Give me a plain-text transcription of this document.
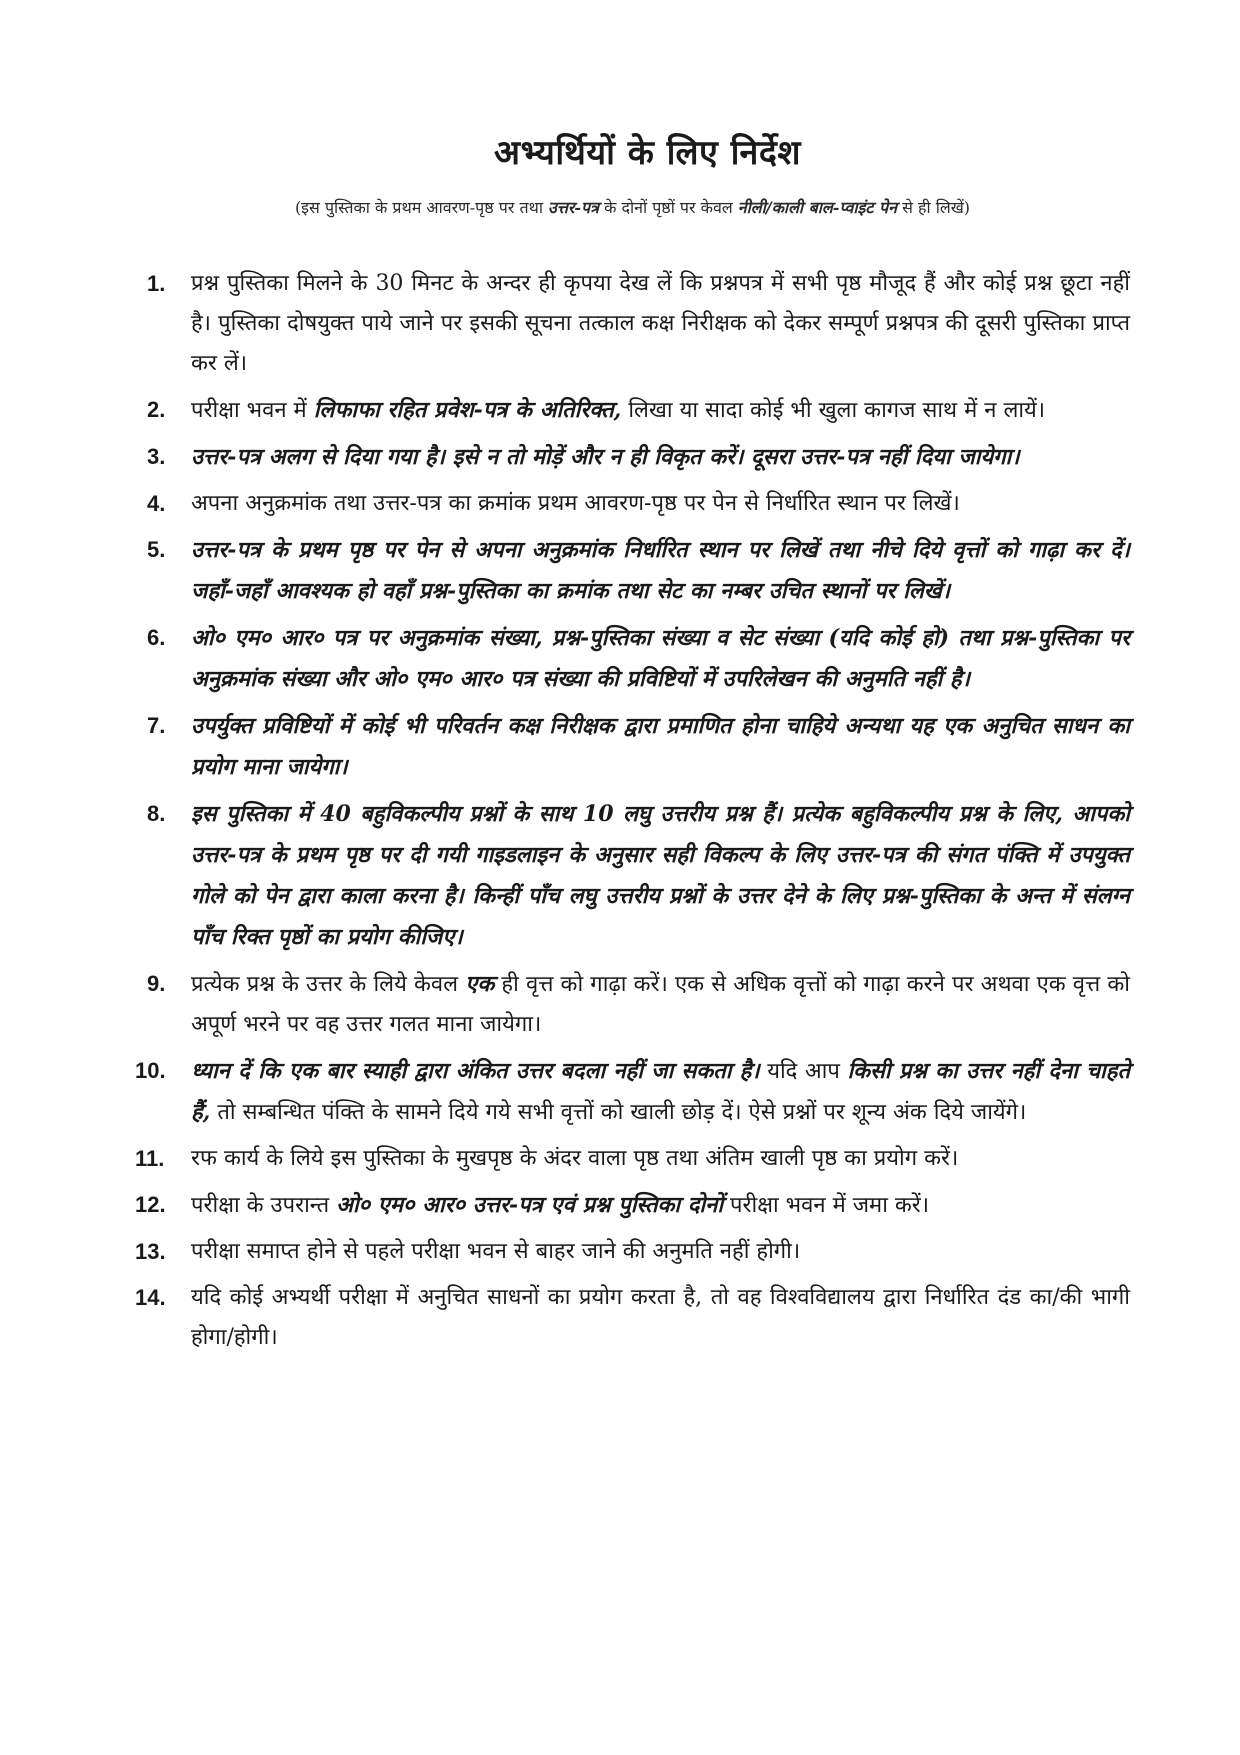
अभ्यर्थियों के लिए निर्देश

(इस पुस्तिका के प्रथम आवरण-पृष्ठ पर तथा उत्तर-पत्र के दोनों पृष्ठों पर केवल नीली/काली बाल-प्वाइंट पेन से ही लिखें)

1.	प्रश्न पुस्तिका मिलने के 30 मिनट के अन्दर ही कृपया देख लें कि प्रश्नपत्र में सभी पृष्ठ मौजूद हैं और कोई प्रश्न छूटा नहीं है। पुस्तिका दोषयुक्त पाये जाने पर इसकी सूचना तत्काल कक्ष निरीक्षक को देकर सम्पूर्ण प्रश्नपत्र की दूसरी पुस्तिका प्राप्त कर लें।
2.	परीक्षा भवन में लिफाफा रहित प्रवेश-पत्र के अतिरिक्त, लिखा या सादा कोई भी खुला कागज साथ में न लायें।
3.	उत्तर-पत्र अलग से दिया गया है। इसे न तो मोड़ें और न ही विकृत करें। दूसरा उत्तर-पत्र नहीं दिया जायेगा।
4.	अपना अनुक्रमांक तथा उत्तर-पत्र का क्रमांक प्रथम आवरण-पृष्ठ पर पेन से निर्धारित स्थान पर लिखें।
5.	उत्तर-पत्र के प्रथम पृष्ठ पर पेन से अपना अनुक्रमांक निर्धारित स्थान पर लिखें तथा नीचे दिये वृत्तों को गाढ़ा कर दें। जहाँ-जहाँ आवश्यक हो वहाँ प्रश्न-पुस्तिका का क्रमांक तथा सेट का नम्बर उचित स्थानों पर लिखें।
6.	ओ० एम० आर० पत्र पर अनुक्रमांक संख्या, प्रश्न-पुस्तिका संख्या व सेट संख्या (यदि कोई हो) तथा प्रश्न-पुस्तिका पर अनुक्रमांक संख्या और ओ० एम० आर० पत्र संख्या की प्रविष्टियों में उपरिलेखन की अनुमति नहीं है।
7.	उपर्युक्त प्रविष्टियों में कोई भी परिवर्तन कक्ष निरीक्षक द्वारा प्रमाणित होना चाहिये अन्यथा यह एक अनुचित साधन का प्रयोग माना जायेगा।
8.	इस पुस्तिका में 40 बहुविकल्पीय प्रश्नों के साथ 10 लघु उत्तरीय प्रश्न हैं। प्रत्येक बहुविकल्पीय प्रश्न के लिए, आपको उत्तर-पत्र के प्रथम पृष्ठ पर दी गयी गाइडलाइन के अनुसार सही विकल्प के लिए उत्तर-पत्र की संगत पंक्ति में उपयुक्त गोले को पेन द्वारा काला करना है। किन्हीं पाँच लघु उत्तरीय प्रश्नों के उत्तर देने के लिए प्रश्न-पुस्तिका के अन्त में संलग्न पाँच रिक्त पृष्ठों का प्रयोग कीजिए।
9.	प्रत्येक प्रश्न के उत्तर के लिये केवल एक ही वृत्त को गाढ़ा करें। एक से अधिक वृत्तों को गाढ़ा करने पर अथवा एक वृत्त को अपूर्ण भरने पर वह उत्तर गलत माना जायेगा।
10.	ध्यान दें कि एक बार स्याही द्वारा अंकित उत्तर बदला नहीं जा सकता है। यदि आप किसी प्रश्न का उत्तर नहीं देना चाहते हैं, तो सम्बन्धित पंक्ति के सामने दिये गये सभी वृत्तों को खाली छोड़ दें। ऐसे प्रश्नों पर शून्य अंक दिये जायेंगे।
11.	रफ कार्य के लिये इस पुस्तिका के मुखपृष्ठ के अंदर वाला पृष्ठ तथा अंतिम खाली पृष्ठ का प्रयोग करें।
12.	परीक्षा के उपरान्त ओ० एम० आर० उत्तर-पत्र एवं प्रश्न पुस्तिका दोनों परीक्षा भवन में जमा करें।
13.	परीक्षा समाप्त होने से पहले परीक्षा भवन से बाहर जाने की अनुमति नहीं होगी।
14.	यदि कोई अभ्यर्थी परीक्षा में अनुचित साधनों का प्रयोग करता है, तो वह विश्वविद्यालय द्वारा निर्धारित दंड का/की भागी होगा/होगी।
